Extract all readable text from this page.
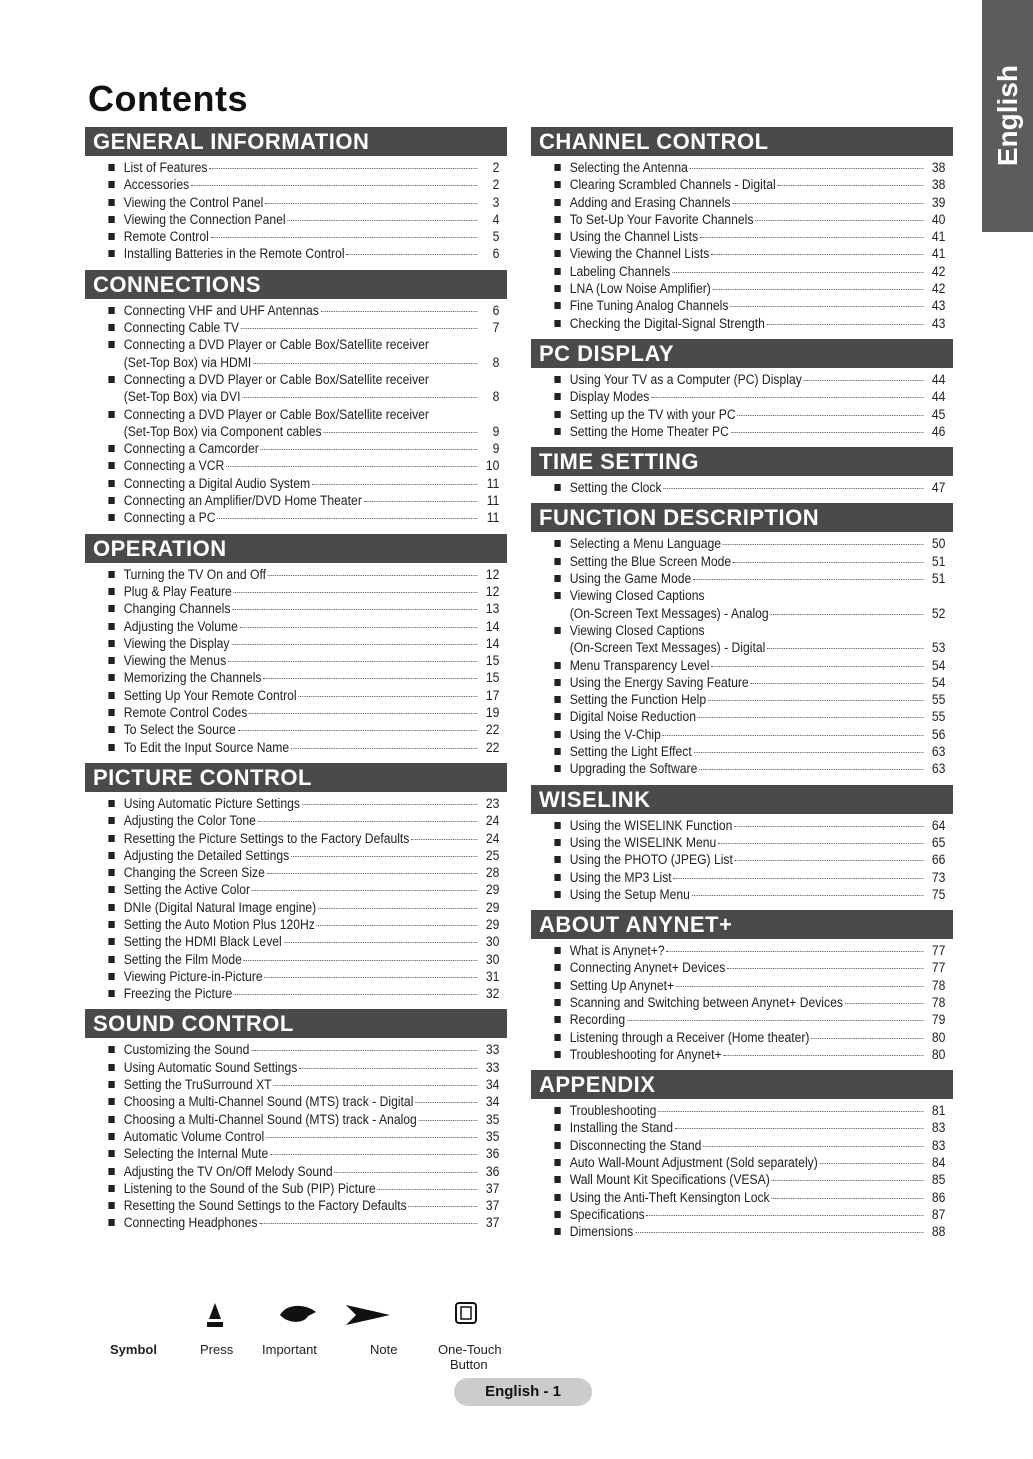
Contents	English
GENERAL INFORMATION
List of Features	2
Accessories	2
Viewing the Control Panel	3
Viewing the Connection Panel	4
Remote Control	5
Installing Batteries in the Remote Control	6
CONNECTIONS
Connecting VHF and UHF Antennas	6
Connecting Cable TV	7
Connecting a DVD Player or Cable Box/Satellite receiver
(Set-Top Box) via HDMI	8
Connecting a DVD Player or Cable Box/Satellite receiver
(Set-Top Box) via DVI	8
Connecting a DVD Player or Cable Box/Satellite receiver
(Set-Top Box) via Component cables	9
Connecting a Camcorder	9
Connecting a VCR	10
Connecting a Digital Audio System	11
Connecting an Amplifier/DVD Home Theater	11
Connecting a PC	11
OPERATION
Turning the TV On and Off	12
Plug & Play Feature	12
Changing Channels	13
Adjusting the Volume	14
Viewing the Display	14
Viewing the Menus	15
Memorizing the Channels	15
Setting Up Your Remote Control	17
Remote Control Codes	19
To Select the Source	22
To Edit the Input Source Name	22
PICTURE CONTROL
Using Automatic Picture Settings	23
Adjusting the Color Tone	24
Resetting the Picture Settings to the Factory Defaults	24
Adjusting the Detailed Settings	25
Changing the Screen Size	28
Setting the Active Color	29
DNIe (Digital Natural Image engine)	29
Setting the Auto Motion Plus 120Hz	29
Setting the HDMI Black Level	30
Setting the Film Mode	30
Viewing Picture-in-Picture	31
Freezing the Picture	32
SOUND CONTROL
Customizing the Sound	33
Using Automatic Sound Settings	33
Setting the TruSurround XT	34
Choosing a Multi-Channel Sound (MTS) track - Digital	34
Choosing a Multi-Channel Sound (MTS) track - Analog	35
Automatic Volume Control	35
Selecting the Internal Mute	36
Adjusting the TV On/Off Melody Sound	36
Listening to the Sound of the Sub (PIP) Picture	37
Resetting the Sound Settings to the Factory Defaults	37
Connecting Headphones	37
CHANNEL CONTROL
Selecting the Antenna	38
Clearing Scrambled Channels - Digital	38
Adding and Erasing Channels	39
To Set-Up Your Favorite Channels	40
Using the Channel Lists	41
Viewing the Channel Lists	41
Labeling Channels	42
LNA (Low Noise Amplifier)	42
Fine Tuning Analog Channels	43
Checking the Digital-Signal Strength	43
PC DISPLAY
Using Your TV as a Computer (PC) Display	44
Display Modes	44
Setting up the TV with your PC	45
Setting the Home Theater PC	46
TIME SETTING
Setting the Clock	47
FUNCTION DESCRIPTION
Selecting a Menu Language	50
Setting the Blue Screen Mode	51
Using the Game Mode	51
Viewing Closed Captions
(On-Screen Text Messages) - Analog	52
Viewing Closed Captions
(On-Screen Text Messages) - Digital	53
Menu Transparency Level	54
Using the Energy Saving Feature	54
Setting the Function Help	55
Digital Noise Reduction	55
Using the V-Chip	56
Setting the Light Effect	63
Upgrading the Software	63
WISELINK
Using the WISELINK Function	64
Using the WISELINK Menu	65
Using the PHOTO (JPEG) List	66
Using the MP3 List	73
Using the Setup Menu	75
ABOUT ANYNET+
What is Anynet+?	77
Connecting Anynet+ Devices	77
Setting Up Anynet+	78
Scanning and Switching between Anynet+ Devices	78
Recording	79
Listening through a Receiver (Home theater)	80
Troubleshooting for Anynet+	80
APPENDIX
Troubleshooting	81
Installing the Stand	83
Disconnecting the Stand	83
Auto Wall-Mount Adjustment (Sold separately)	84
Wall Mount Kit Specifications (VESA)	85
Using the Anti-Theft Kensington Lock	86
Specifications	87
Dimensions	88
Symbol	Press Important	Note	One-Touch
Button
English - 1
